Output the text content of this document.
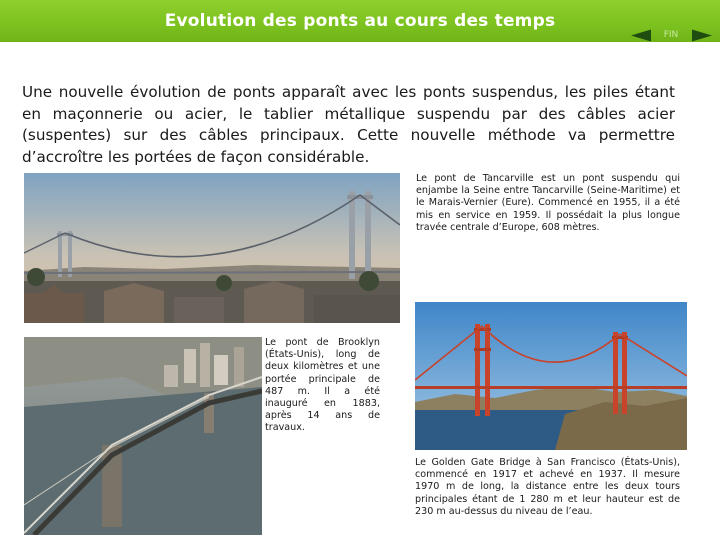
Evolution des ponts au cours des temps
FIN
Une nouvelle évolution de ponts apparaît avec les ponts suspendus, les piles étant en maçonnerie ou acier, le tablier métallique suspendu par des câbles acier (suspentes) sur des câbles principaux. Cette nouvelle méthode va permettre d’accroître les portées de façon considérable.
Le pont de Tancarville est un pont suspendu qui enjambe la Seine entre Tancarville (Seine-Maritime) et le Marais-Vernier (Eure). Commencé en 1955, il a été mis en service en 1959. Il possédait la plus longue travée centrale d’Europe, 608 mètres.
Le pont de Brooklyn (États-Unis), long de deux kilomètres et une portée principale de 487 m. Il a été inauguré en 1883, après 14 ans de travaux.
Le Golden Gate Bridge à San Francisco (États-Unis), commencé en 1917 et achevé en 1937. Il mesure 1970 m de long, la distance entre les deux tours principales étant de 1 280 m et leur hauteur est de 230 m au-dessus du niveau de l’eau.
